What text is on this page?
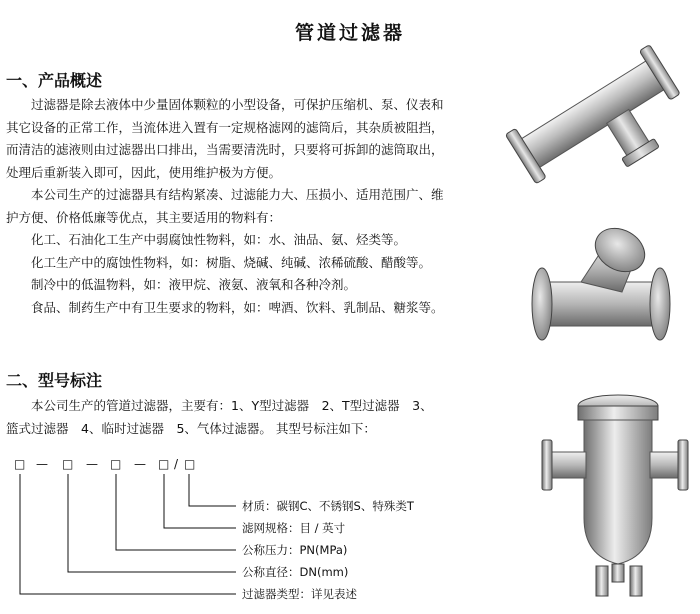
管道过滤器
一、产品概述

过滤器是除去液体中少量固体颗粒的小型设备，可保护压缩机、泵、仪表和

其它设备的正常工作，当流体进入置有一定规格滤网的滤筒后，其杂质被阻挡，

而清洁的滤液则由过滤器出口排出，当需要清洗时，只要将可拆卸的滤筒取出，

处理后重新装入即可，因此，使用维护极为方便。

本公司生产的过滤器具有结构紧凑、过滤能力大、压损小、适用范围广、维

护方便、价格低廉等优点，其主要适用的物料有：

化工、石油化工生产中弱腐蚀性物料，如：水、油品、氨、烃类等。

化工生产中的腐蚀性物料，如：树脂、烧碱、纯碱、浓稀硫酸、醋酸等。

制冷中的低温物料，如：液甲烷、液氨、液氧和各种冷剂。

食品、制药生产中有卫生要求的物料，如：啤酒、饮料、乳制品、糖浆等。

二、型号标注

本公司生产的管道过滤器，主要有：1、Y型过滤器　2、T型过滤器　3、

篮式过滤器　4、临时过滤器　5、气体过滤器。 其型号标注如下：

□ — □ — □ — □ / □
材质：碳钢C、不锈钢S、特殊类T
滤网规格：目 / 英寸
公称压力：PN(MPa)
公称直径：DN(mm)
过滤器类型：详见表述
